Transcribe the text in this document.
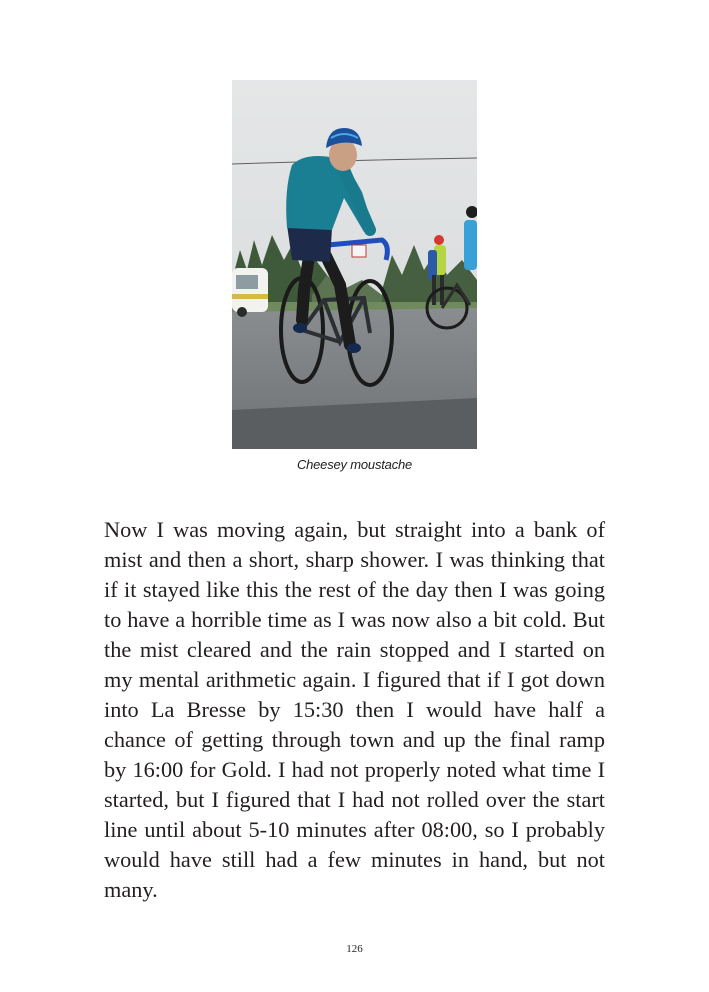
Cheesey moustache

Now I was moving again, but straight into a bank of mist and then a short, sharp shower. I was thinking that if it stayed like this the rest of the day then I was going to have a horrible time as I was now also a bit cold. But the mist cleared and the rain stopped and I started on my mental arithmetic again. I figured that if I got down into La Bresse by 15:30 then I would have half a chance of getting through town and up the final ramp by 16:00 for Gold. I had not properly noted what time I started, but I figured that I had not rolled over the start line until about 5-10 minutes after 08:00, so I probably would have still had a few minutes in hand, but not many.

126
